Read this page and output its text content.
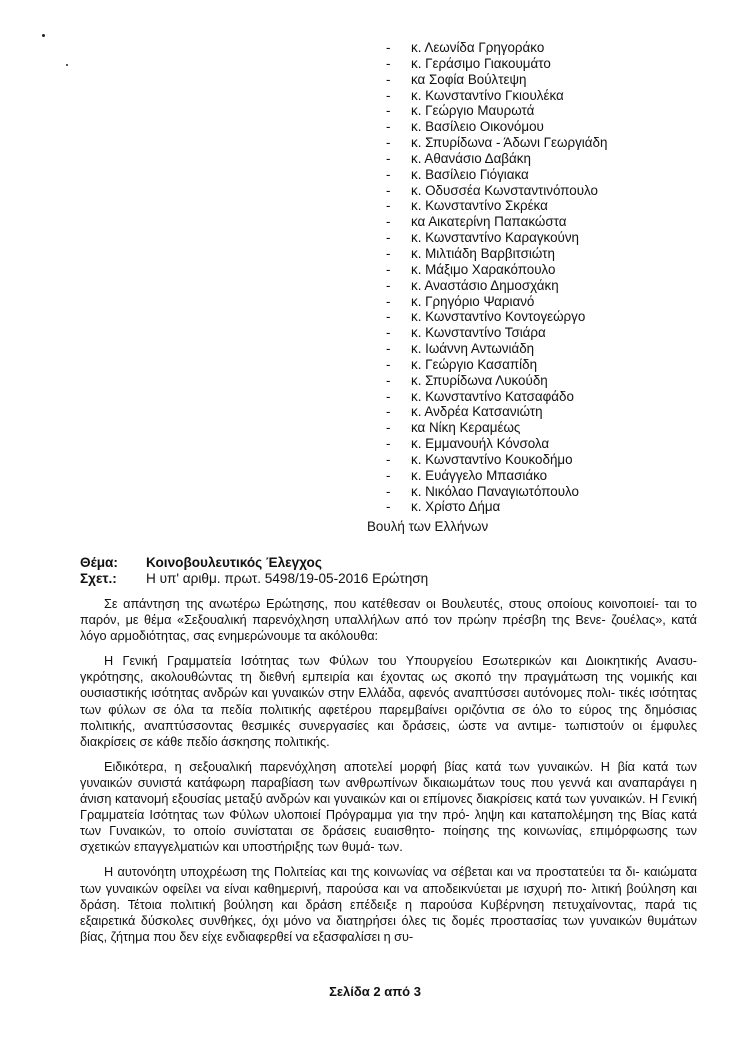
- κ. Λεωνίδα Γρηγοράκο
- κ. Γεράσιμο Γιακουμάτο
- κα Σοφία Βούλτεψη
- κ. Κωνσταντίνο Γκιουλέκα
- κ. Γεώργιο Μαυρωτά
- κ. Βασίλειο Οικονόμου
- κ. Σπυρίδωνα - Άδωνι Γεωργιάδη
- κ. Αθανάσιο Δαβάκη
- κ. Βασίλειο Γιόγιακα
- κ. Οδυσσέα Κωνσταντινόπουλο
- κ. Κωνσταντίνο Σκρέκα
- κα Αικατερίνη Παπακώστα
- κ. Κωνσταντίνο Καραγκούνη
- κ. Μιλτιάδη Βαρβιτσιώτη
- κ. Μάξιμο Χαρακόπουλο
- κ. Αναστάσιο Δημοσχάκη
- κ. Γρηγόριο Ψαριανό
- κ. Κωνσταντίνο Κοντογεώργο
- κ. Κωνσταντίνο Τσιάρα
- κ. Ιωάννη Αντωνιάδη
- κ. Γεώργιο Κασαπίδη
- κ. Σπυρίδωνα Λυκούδη
- κ. Κωνσταντίνο Κατσαφάδο
- κ. Ανδρέα Κατσανιώτη
- κα Νίκη Κεραμέως
- κ. Εμμανουήλ Κόνσολα
- κ. Κωνσταντίνο Κουκοδήμο
- κ. Ευάγγελο Μπασιάκο
- κ. Νικόλαο Παναγιωτόπουλο
- κ. Χρίστο Δήμα
Βουλή των Ελλήνων
Θέμα: Κοινοβουλευτικός Έλεγχος
Σχετ.: Η υπ' αριθμ. πρωτ. 5498/19-05-2016 Ερώτηση

Σε απάντηση της ανωτέρω Ερώτησης, που κατέθεσαν οι Βουλευτές, στους οποίους κοινοποιεί- ται το παρόν, με θέμα «Σεξουαλική παρενόχληση υπαλλήλων από τον πρώην πρέσβη της Βενε- ζουέλας», κατά λόγο αρμοδιότητας, σας ενημερώνουμε τα ακόλουθα:

Η Γενική Γραμματεία Ισότητας των Φύλων του Υπουργείου Εσωτερικών και Διοικητικής Ανασυ- γκρότησης, ακολουθώντας τη διεθνή εμπειρία και έχοντας ως σκοπό την πραγμάτωση της νομικής και ουσιαστικής ισότητας ανδρών και γυναικών στην Ελλάδα, αφενός αναπτύσσει αυτόνομες πολι- τικές ισότητας των φύλων σε όλα τα πεδία πολιτικής αφετέρου παρεμβαίνει οριζόντια σε όλο το εύρος της δημόσιας πολιτικής, αναπτύσσοντας θεσμικές συνεργασίες και δράσεις, ώστε να αντιμε- τωπιστούν οι έμφυλες διακρίσεις σε κάθε πεδίο άσκησης πολιτικής.

Ειδικότερα, η σεξουαλική παρενόχληση αποτελεί μορφή βίας κατά των γυναικών. Η βία κατά των γυναικών συνιστά κατάφωρη παραβίαση των ανθρωπίνων δικαιωμάτων τους που γεννά και αναπαράγει η άνιση κατανομή εξουσίας μεταξύ ανδρών και γυναικών και οι επίμονες διακρίσεις κατά των γυναικών. Η Γενική Γραμματεία Ισότητας των Φύλων υλοποιεί Πρόγραμμα για την πρό- ληψη και καταπολέμηση της Βίας κατά των Γυναικών, το οποίο συνίσταται σε δράσεις ευαισθητο- ποίησης της κοινωνίας, επιμόρφωσης των σχετικών επαγγελματιών και υποστήριξης των θυμά- των.

Η αυτονόητη υποχρέωση της Πολιτείας και της κοινωνίας να σέβεται και να προστατεύει τα δι- καιώματα των γυναικών οφείλει να είναι καθημερινή, παρούσα και να αποδεικνύεται με ισχυρή πο- λιτική βούληση και δράση. Τέτοια πολιτική βούληση και δράση επέδειξε η παρούσα Κυβέρνηση πετυχαίνοντας, παρά τις εξαιρετικά δύσκολες συνθήκες, όχι μόνο να διατηρήσει όλες τις δομές προστασίας των γυναικών θυμάτων βίας, ζήτημα που δεν είχε ενδιαφερθεί να εξασφαλίσει η συ-

Σελίδα 2 από 3
